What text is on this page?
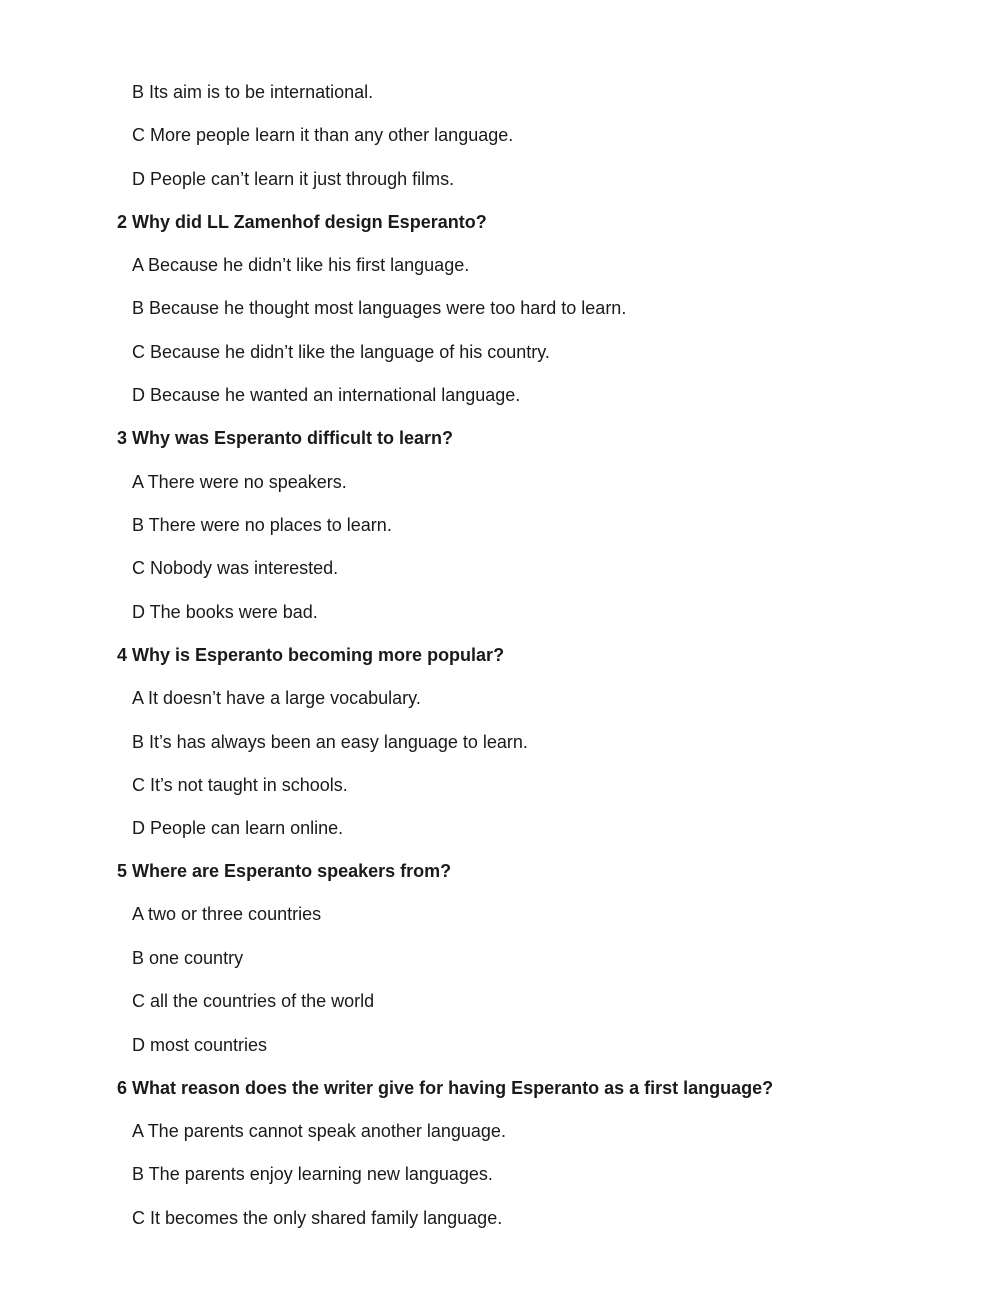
B Its aim is to be international.
C More people learn it than any other language.
D People can’t learn it just through films.
2 Why did LL Zamenhof design Esperanto?
A Because he didn’t like his first language.
B Because he thought most languages were too hard to learn.
C Because he didn’t like the language of his country.
D Because he wanted an international language.
3 Why was Esperanto difficult to learn?
A There were no speakers.
B There were no places to learn.
C Nobody was interested.
D The books were bad.
4 Why is Esperanto becoming more popular?
A It doesn’t have a large vocabulary.
B It’s has always been an easy language to learn.
C It’s not taught in schools.
D People can learn online.
5 Where are Esperanto speakers from?
A two or three countries
B one country
C all the countries of the world
D most countries
6 What reason does the writer give for having Esperanto as a first language?
A The parents cannot speak another language.
B The parents enjoy learning new languages.
C It becomes the only shared family language.
